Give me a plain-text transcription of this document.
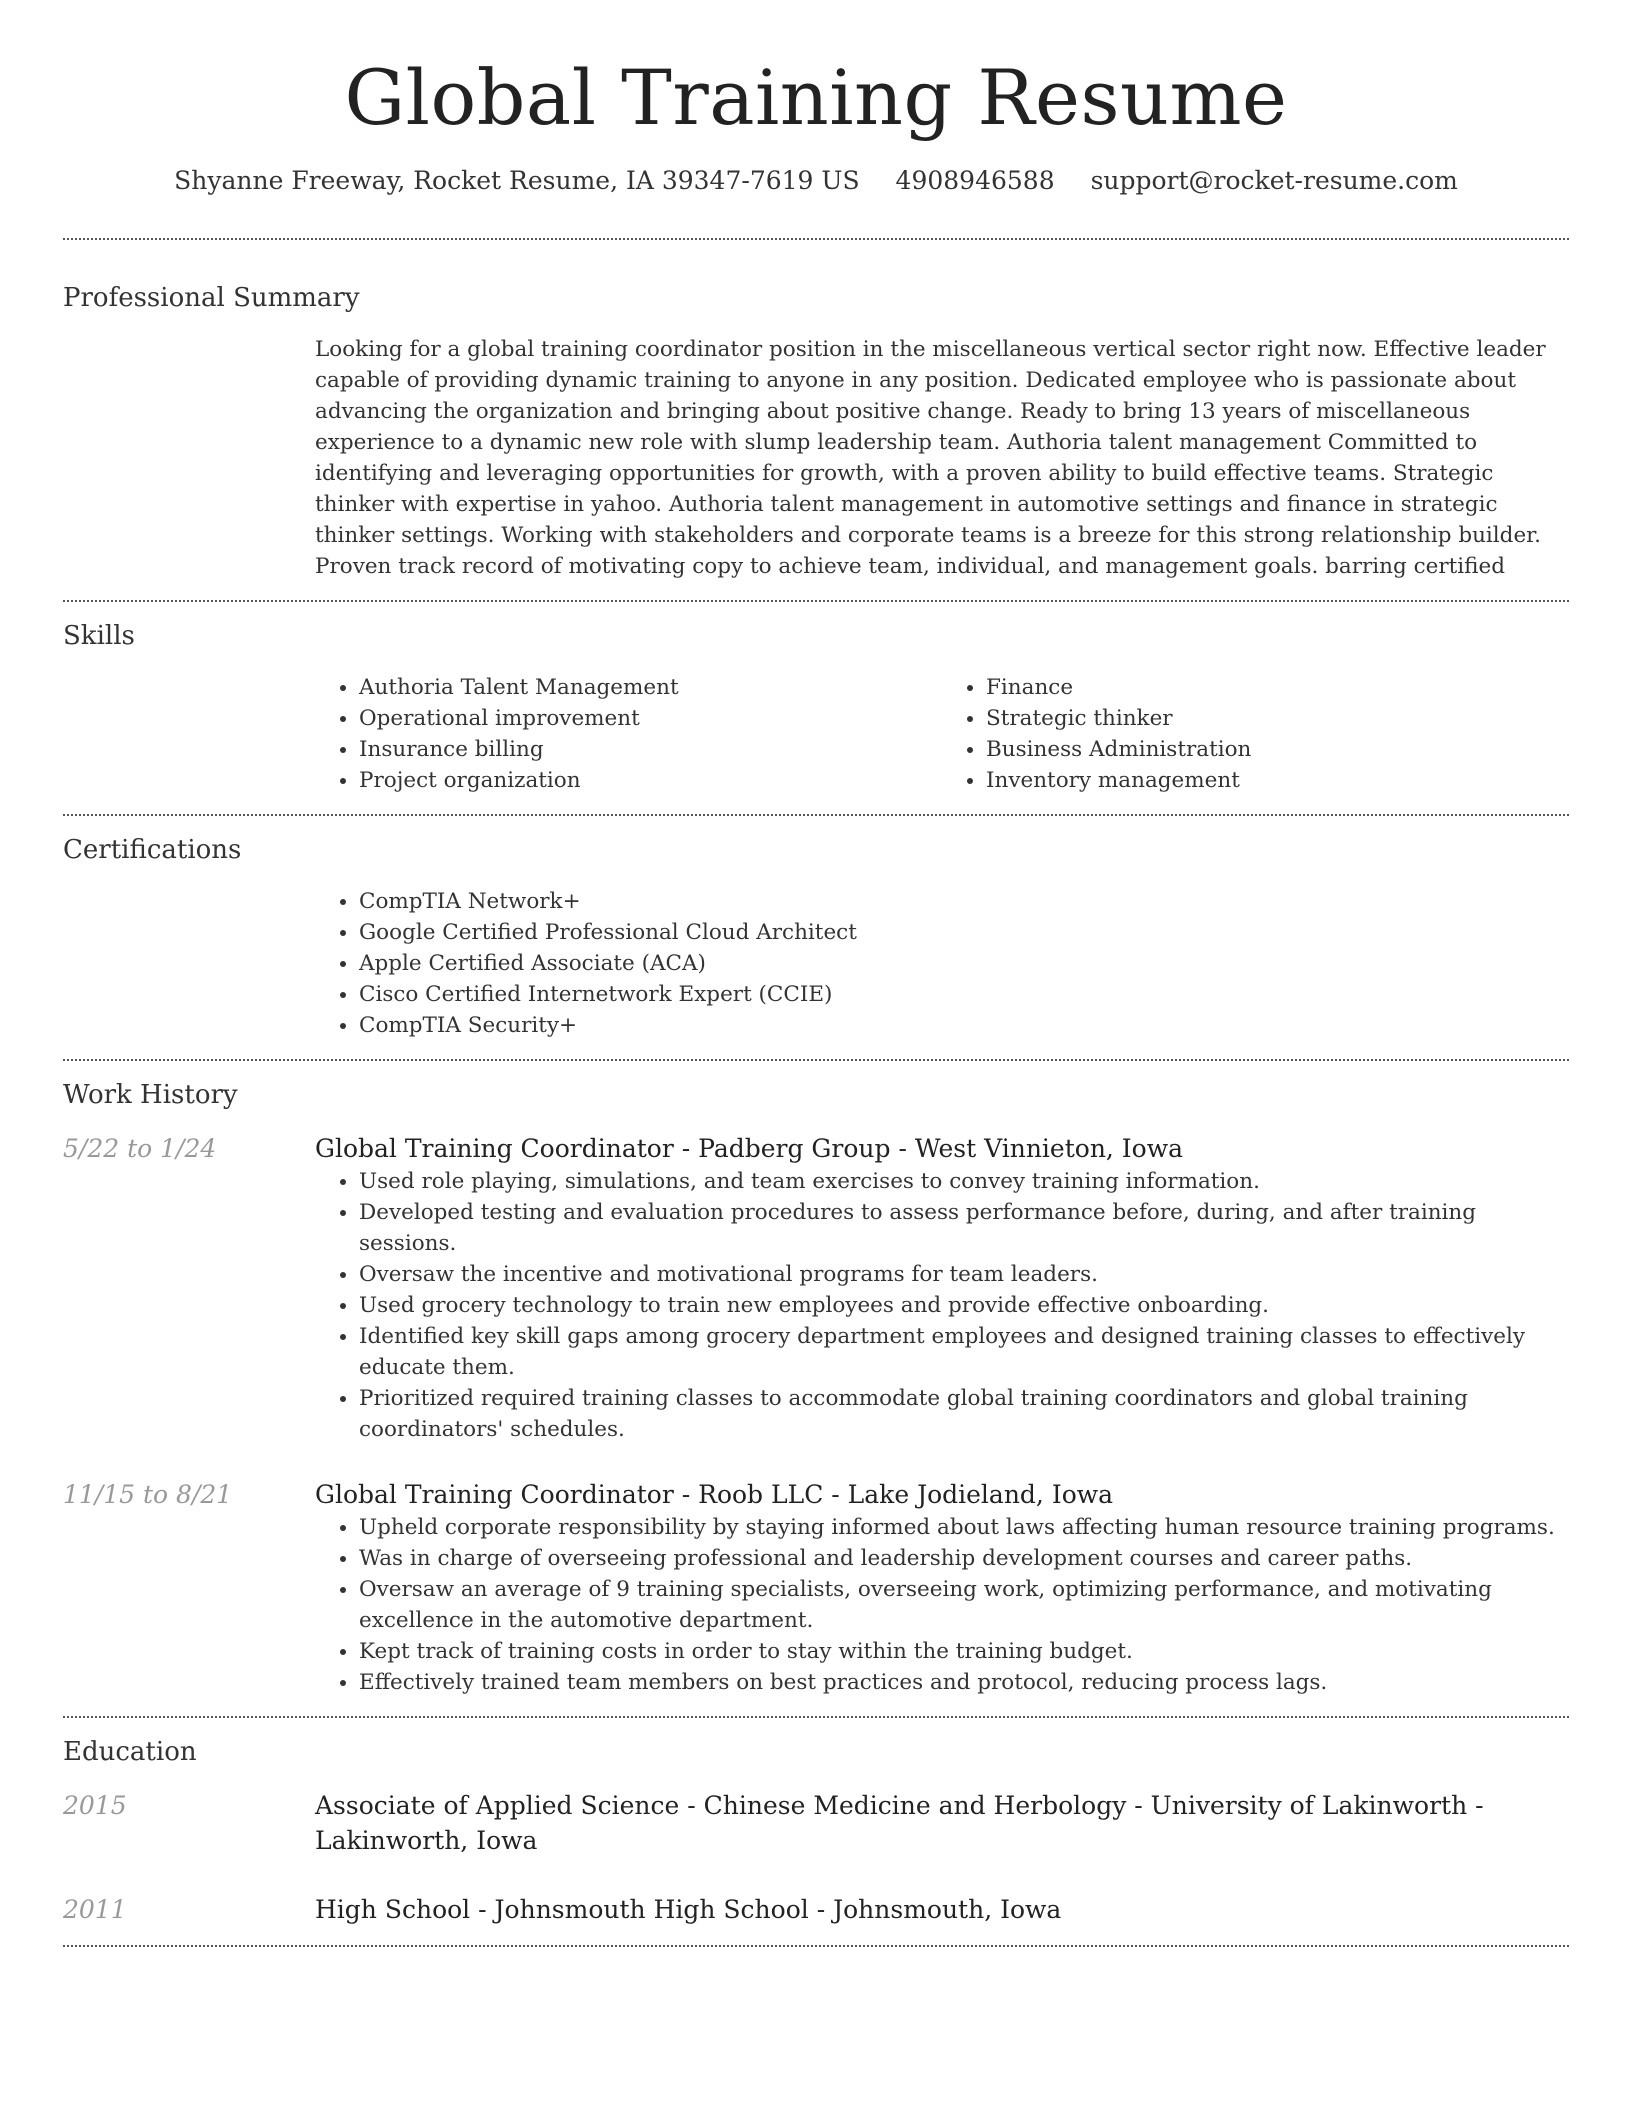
Global Training Resume
Shyanne Freeway, Rocket Resume, IA 39347-7619 US 4908946588 support@rocket-resume.com
Professional Summary

Looking for a global training coordinator position in the miscellaneous vertical sector right now. Effective leader capable of providing dynamic training to anyone in any position. Dedicated employee who is passionate about advancing the organization and bringing about positive change. Ready to bring 13 years of miscellaneous experience to a dynamic new role with slump leadership team. Authoria talent management Committed to identifying and leveraging opportunities for growth, with a proven ability to build effective teams. Strategic thinker with expertise in yahoo. Authoria talent management in automotive settings and finance in strategic thinker settings. Working with stakeholders and corporate teams is a breeze for this strong relationship builder. Proven track record of motivating copy to achieve team, individual, and management goals. barring certified

Skills
• Authoria Talent Management
• Operational improvement
• Insurance billing
• Project organization
• Finance
• Strategic thinker
• Business Administration
• Inventory management
Certifications
• CompTIA Network+
• Google Certified Professional Cloud Architect
• Apple Certified Associate (ACA)
• Cisco Certified Internetwork Expert (CCIE)
• CompTIA Security+
Work History
5/22 to 1/24	Global Training Coordinator - Padberg Group - West Vinnieton, Iowa
• Used role playing, simulations, and team exercises to convey training information.
• Developed testing and evaluation procedures to assess performance before, during, and after training sessions.
• Oversaw the incentive and motivational programs for team leaders.
• Used grocery technology to train new employees and provide effective onboarding.
• Identified key skill gaps among grocery department employees and designed training classes to effectively educate them.
• Prioritized required training classes to accommodate global training coordinators and global training coordinators' schedules.
11/15 to 8/21	Global Training Coordinator - Roob LLC - Lake Jodieland, Iowa
• Upheld corporate responsibility by staying informed about laws affecting human resource training programs.
• Was in charge of overseeing professional and leadership development courses and career paths.
• Oversaw an average of 9 training specialists, overseeing work, optimizing performance, and motivating excellence in the automotive department.
• Kept track of training costs in order to stay within the training budget.
• Effectively trained team members on best practices and protocol, reducing process lags.
Education
2015	Associate of Applied Science - Chinese Medicine and Herbology - University of Lakinworth - Lakinworth, Iowa
2011	High School - Johnsmouth High School - Johnsmouth, Iowa
